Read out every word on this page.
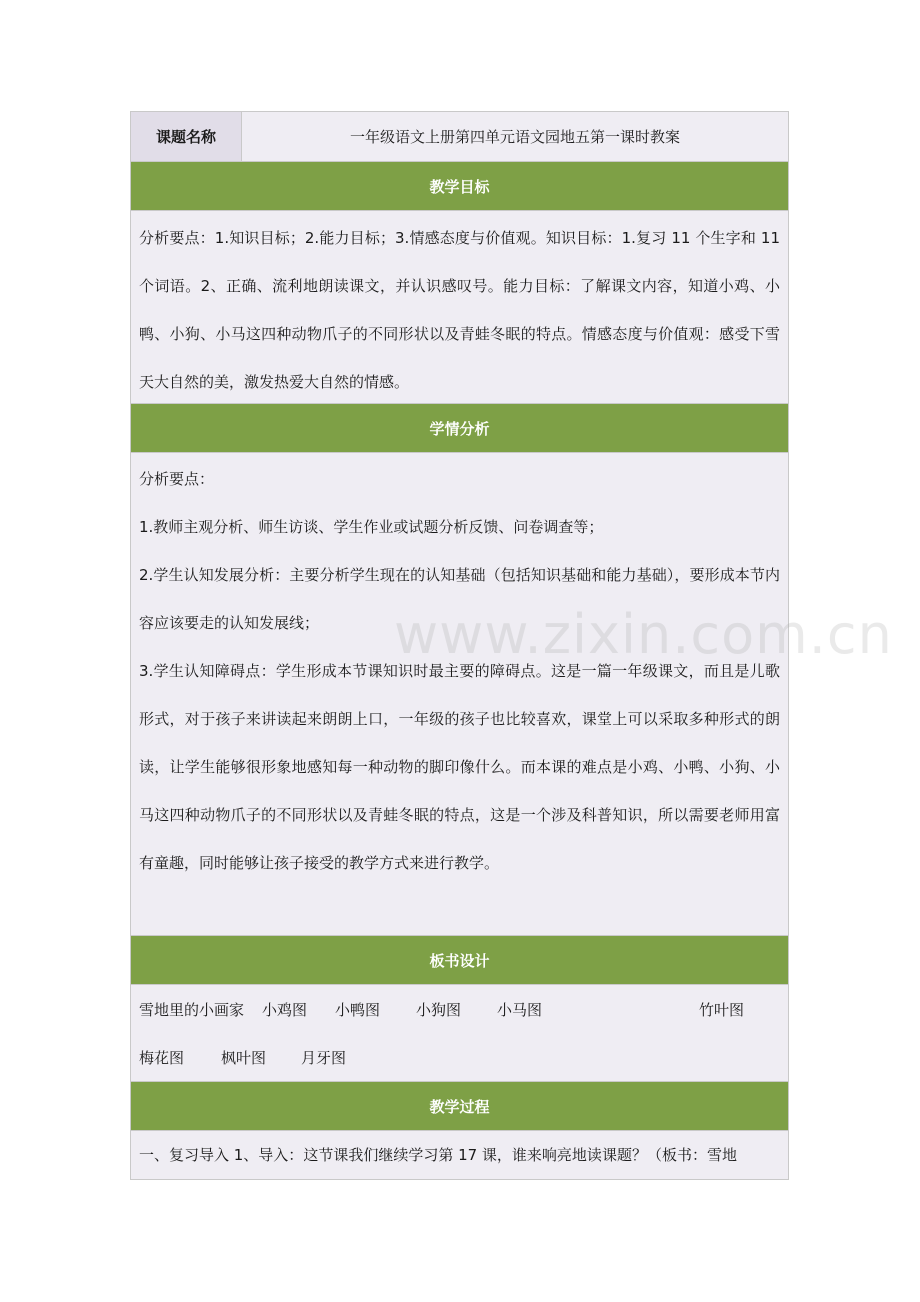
课题名称	一年级语文上册第四单元语文园地五第一课时教案
教学目标

分析要点：1.知识目标；2.能力目标；3.情感态度与价值观。知识目标：1.复习 11 个生字和 11 个词语。2、正确、流利地朗读课文，并认识感叹号。能力目标：了解课文内容，知道小鸡、小鸭、小狗、小马这四种动物爪子的不同形状以及青蛙冬眠的特点。情感态度与价值观：感受下雪天大自然的美，激发热爱大自然的情感。

学情分析

分析要点：

1.教师主观分析、师生访谈、学生作业或试题分析反馈、问卷调查等；

2.学生认知发展分析：主要分析学生现在的认知基础（包括知识基础和能力基础），要形成本节内容应该要走的认知发展线；

3.学生认知障碍点：学生形成本节课知识时最主要的障碍点。这是一篇一年级课文，而且是儿歌形式，对于孩子来讲读起来朗朗上口，一年级的孩子也比较喜欢，课堂上可以采取多种形式的朗读，让学生能够很形象地感知每一种动物的脚印像什么。而本课的难点是小鸡、小鸭、小狗、小马这四种动物爪子的不同形状以及青蛙冬眠的特点，这是一个涉及科普知识，所以需要老师用富有童趣，同时能够让孩子接受的教学方式来进行教学。

板书设计
雪地里的小画家 小鸡图 小鸭图 小狗图 小马图	竹叶图
梅花图 枫叶图 月牙图
教学过程

一、复习导入 1、导入：这节课我们继续学习第 17 课，谁来响亮地读课题？（板书：雪地

www.zixin.com.cn
